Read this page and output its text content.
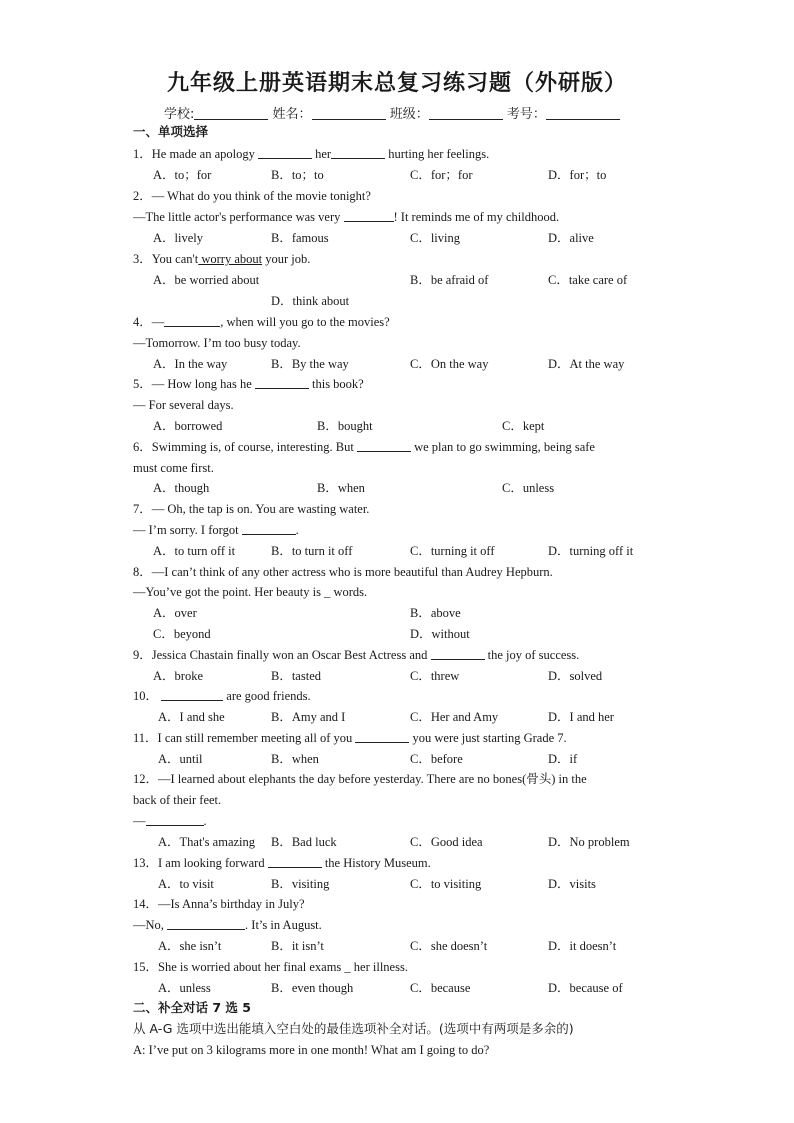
九年级上册英语期末总复习练习题（外研版）
学校:	姓名：	班级：	考号：
一、单项选择
1．He made an apology	her	hurting her feelings.
A．to；for	B．to；to	C．for；for	D．for；to
2．— What do you think of the movie tonight?
—The little actor's performance was very	! It reminds me of my childhood.
A．lively	B．famous	C．living	D．alive
3．You can't worry about your job.
A．be worried about	B．be afraid of	C．take care of
D．think about
4．—	, when will you go to the movies?
—Tomorrow. I’m too busy today.
A．In the way	B．By the way	C．On the way	D．At the way
5．— How long has he	this book?
— For several days.
A．borrowed	B．bought	C．kept
6．Swimming is, of course, interesting. But	we plan to go swimming, being safe
must come first.
A．though	B．when	C．unless
7．— Oh, the tap is on. You are wasting water.
— I’m sorry. I forgot	.
A．to turn off it	B．to turn it off	C．turning it off	D．turning off it
8．—I can’t think of any other actress who is more beautiful than Audrey Hepburn.
—You’ve got the point. Her beauty is _ words.
A．over	B．above
C．beyond	D．without
9．Jessica Chastain finally won an Oscar Best Actress and	the joy of success.
A．broke	B．tasted	C．threw	D．solved
10．	are good friends.
A．I and she	B．Amy and I	C．Her and Amy	D．I and her
11．I can still remember meeting all of you	you were just starting Grade 7.
A．until	B．when	C．before	D．if
12．—I learned about elephants the day before yesterday. There are no bones(骨头) in the
back of their feet.
—	.
A．That's amazing B．Bad luck	C．Good idea	D．No problem
13．I am looking forward	the History Museum.
A．to visit	B．visiting	C．to visiting	D．visits
14．—Is Anna’s birthday in July?
—No,	. It’s in August.
A．she isn’t	B．it isn’t	C．she doesn’t	D．it doesn’t
15．She is worried about her final exams _ her illness.
A．unless	B．even though	C．because	D．because of
二、补全对话 7 选 5
从 A-G 选项中选出能填入空白处的最佳选项补全对话。(选项中有两项是多余的)
A: I’ve put on 3 kilograms more in one month! What am I going to do?
